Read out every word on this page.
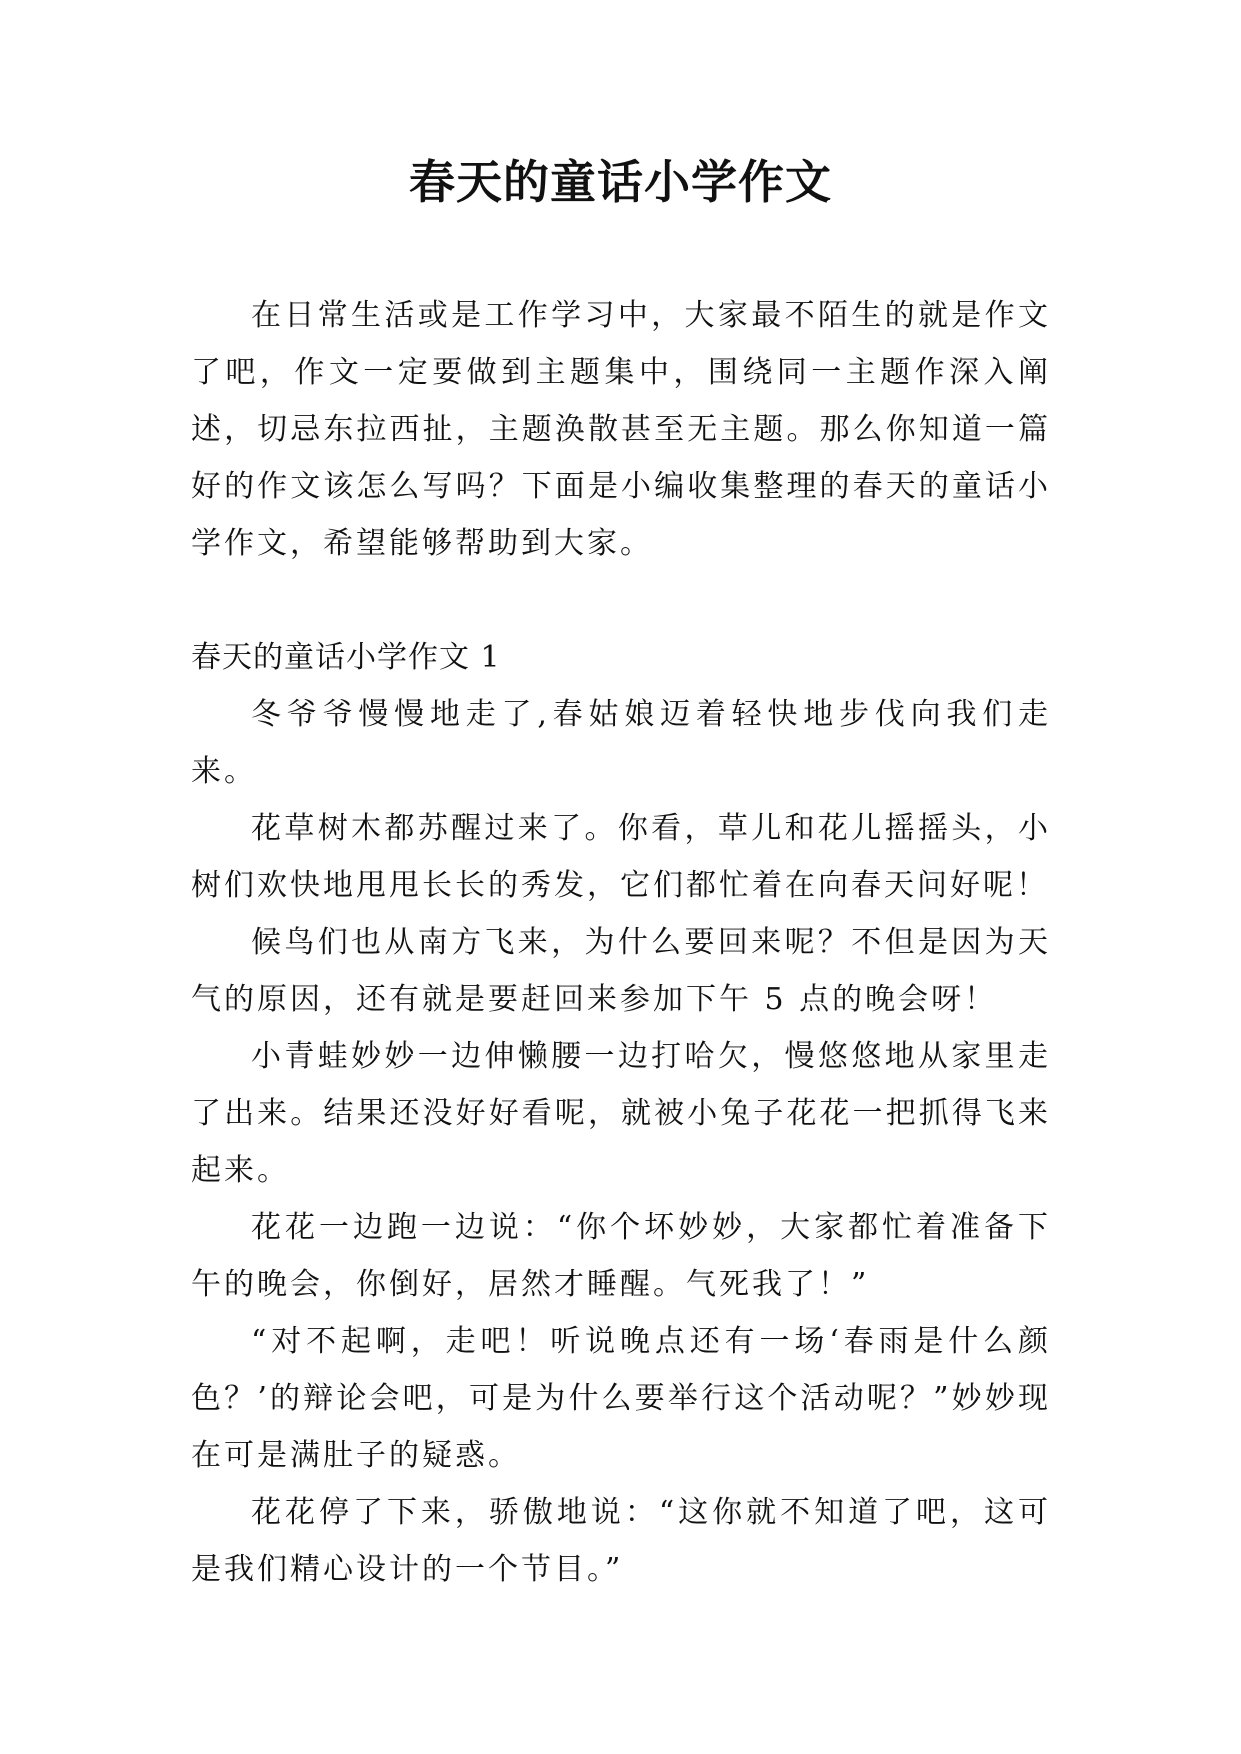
春天的童话小学作文

在日常生活或是工作学习中，大家最不陌生的就是作文了吧，作文一定要做到主题集中，围绕同一主题作深入阐述，切忌东拉西扯，主题涣散甚至无主题。那么你知道一篇好的作文该怎么写吗？下面是小编收集整理的春天的童话小学作文，希望能够帮助到大家。

春天的童话小学作文 1

冬爷爷慢慢地走了,春姑娘迈着轻快地步伐向我们走来。

花草树木都苏醒过来了。你看，草儿和花儿摇摇头，小树们欢快地甩甩长长的秀发，它们都忙着在向春天问好呢！

候鸟们也从南方飞来，为什么要回来呢？不但是因为天气的原因，还有就是要赶回来参加下午 5 点的晚会呀！

小青蛙妙妙一边伸懒腰一边打哈欠，慢悠悠地从家里走了出来。结果还没好好看呢，就被小兔子花花一把抓得飞来起来。

花花一边跑一边说：“你个坏妙妙，大家都忙着准备下午的晚会，你倒好，居然才睡醒。气死我了！”

“对不起啊，走吧！听说晚点还有一场‘春雨是什么颜色？’的辩论会吧，可是为什么要举行这个活动呢？”妙妙现在可是满肚子的疑惑。

花花停了下来，骄傲地说：“这你就不知道了吧，这可是我们精心设计的一个节目。”
